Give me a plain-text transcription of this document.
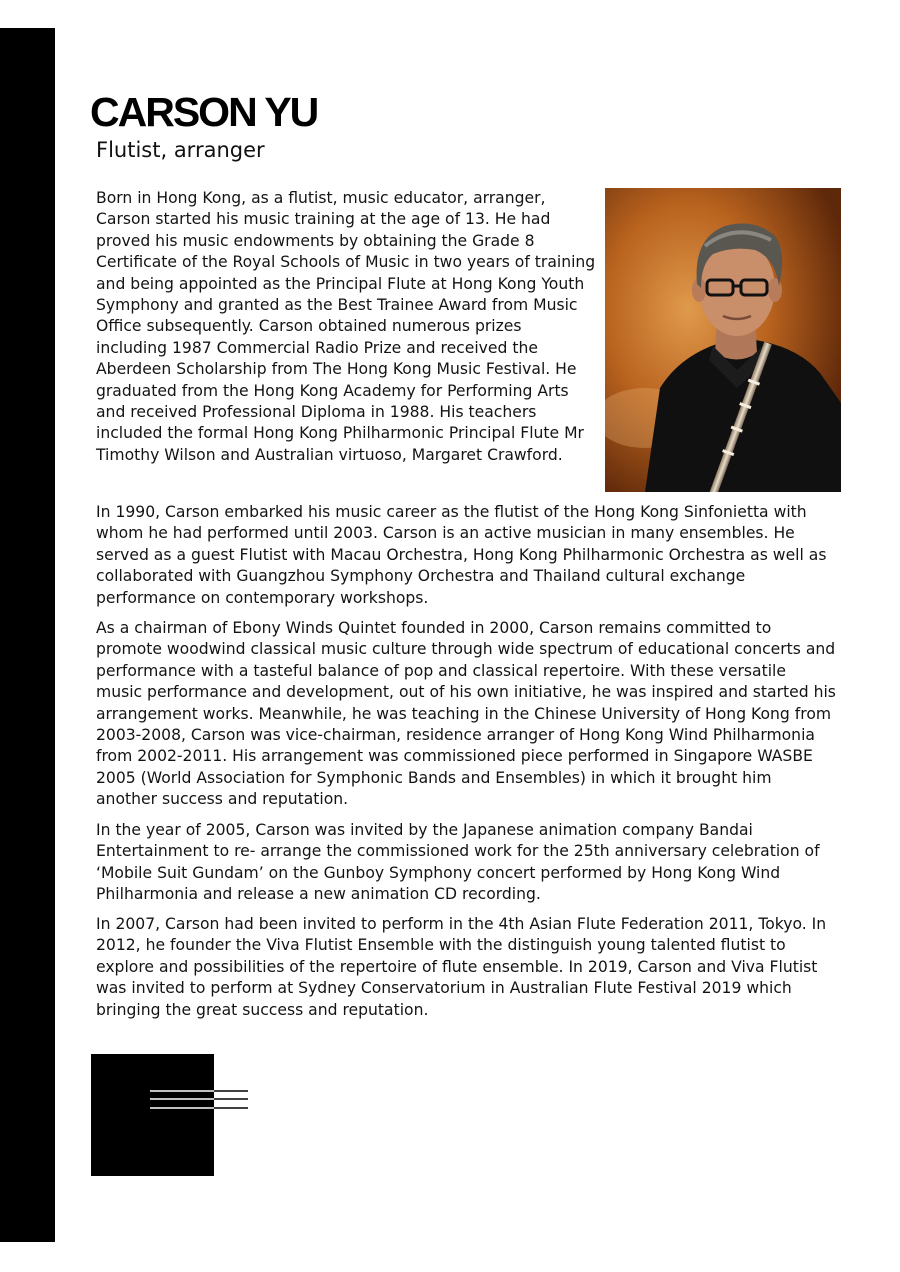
CARSON YU
Flutist, arranger

Born in Hong Kong, as a flutist, music educator, arranger, Carson started his music training at the age of 13. He had proved his music endowments by obtaining the Grade 8 Certificate of the Royal Schools of Music in two years of training and being appointed as the Principal Flute at Hong Kong Youth Symphony and granted as the Best Trainee Award from Music Office subsequently. Carson obtained numerous prizes including 1987 Commercial Radio Prize and received the Aberdeen Scholarship from The Hong Kong Music Festival. He graduated from the Hong Kong Academy for Performing Arts and received Professional Diploma in 1988. His teachers included the formal Hong Kong Philharmonic Principal Flute Mr Timothy Wilson and Australian virtuoso, Margaret Crawford.

In 1990, Carson embarked his music career as the flutist of the Hong Kong Sinfonietta with whom he had performed until 2003. Carson is an active musician in many ensembles. He served as a guest Flutist with Macau Orchestra, Hong Kong Philharmonic Orchestra as well as collaborated with Guangzhou Symphony Orchestra and Thailand cultural exchange performance on contemporary workshops.

As a chairman of Ebony Winds Quintet founded in 2000, Carson remains committed to promote woodwind classical music culture through wide spectrum of educational concerts and performance with a tasteful balance of pop and classical repertoire. With these versatile music performance and development, out of his own initiative, he was inspired and started his arrangement works. Meanwhile, he was teaching in the Chinese University of Hong Kong from 2003-2008, Carson was vice-chairman, residence arranger of Hong Kong Wind Philharmonia from 2002-2011. His arrangement was commissioned piece performed in Singapore WASBE 2005 (World Association for Symphonic Bands and Ensembles) in which it brought him another success and reputation.

In the year of 2005, Carson was invited by the Japanese animation company Bandai Entertainment to re- arrange the commissioned work for the 25th anniversary celebration of ‘Mobile Suit Gundam’ on the Gunboy Symphony concert performed by Hong Kong Wind Philharmonia and release a new animation CD recording.

In 2007, Carson had been invited to perform in the 4th Asian Flute Federation 2011, Tokyo. In 2012, he founder the Viva Flutist Ensemble with the distinguish young talented flutist to explore and possibilities of the repertoire of flute ensemble. In 2019, Carson and Viva Flutist was invited to perform at Sydney Conservatorium in Australian Flute Festival 2019 which bringing the great success and reputation.
